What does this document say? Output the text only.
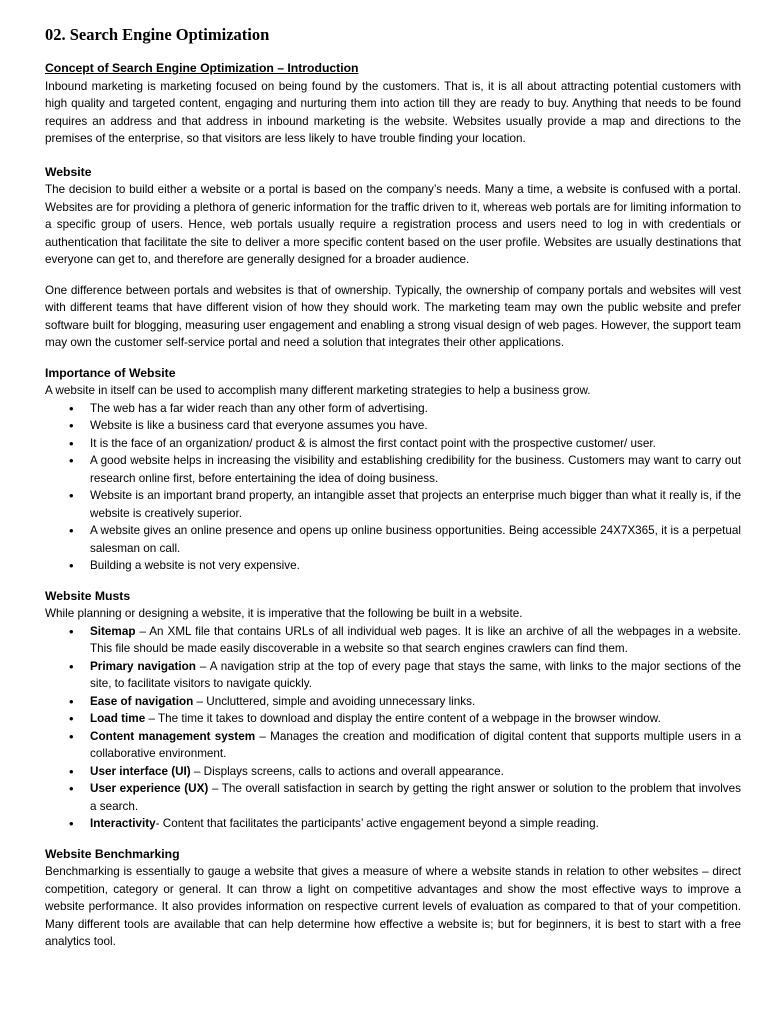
02. Search Engine Optimization
Concept of Search Engine Optimization – Introduction

Inbound marketing is marketing focused on being found by the customers. That is, it is all about attracting potential customers with high quality and targeted content, engaging and nurturing them into action till they are ready to buy. Anything that needs to be found requires an address and that address in inbound marketing is the website. Websites usually provide a map and directions to the premises of the enterprise, so that visitors are less likely to have trouble finding your location.

Website

The decision to build either a website or a portal is based on the company’s needs. Many a time, a website is confused with a portal. Websites are for providing a plethora of generic information for the traffic driven to it, whereas web portals are for limiting information to a specific group of users. Hence, web portals usually require a registration process and users need to log in with credentials or authentication that facilitate the site to deliver a more specific content based on the user profile. Websites are usually destinations that everyone can get to, and therefore are generally designed for a broader audience.

One difference between portals and websites is that of ownership. Typically, the ownership of company portals and websites will vest with different teams that have different vision of how they should work. The marketing team may own the public website and prefer software built for blogging, measuring user engagement and enabling a strong visual design of web pages. However, the support team may own the customer self-service portal and need a solution that integrates their other applications.

Importance of Website

A website in itself can be used to accomplish many different marketing strategies to help a business grow.

• The web has a far wider reach than any other form of advertising.
• Website is like a business card that everyone assumes you have.
• It is the face of an organization/ product & is almost the first contact point with the prospective customer/ user.
• A good website helps in increasing the visibility and establishing credibility for the business. Customers may want to carry out research online first, before entertaining the idea of doing business.
• Website is an important brand property, an intangible asset that projects an enterprise much bigger than what it really is, if the website is creatively superior.
• A website gives an online presence and opens up online business opportunities. Being accessible 24X7X365, it is a perpetual salesman on call.
• Building a website is not very expensive.
Website Musts

While planning or designing a website, it is imperative that the following be built in a website.

• Sitemap – An XML file that contains URLs of all individual web pages. It is like an archive of all the webpages in a website. This file should be made easily discoverable in a website so that search engines crawlers can find them.
• Primary navigation – A navigation strip at the top of every page that stays the same, with links to the major sections of the site, to facilitate visitors to navigate quickly.
• Ease of navigation – Uncluttered, simple and avoiding unnecessary links.
• Load time – The time it takes to download and display the entire content of a webpage in the browser window.
• Content management system – Manages the creation and modification of digital content that supports multiple users in a collaborative environment.
• User interface (UI) – Displays screens, calls to actions and overall appearance.
• User experience (UX) – The overall satisfaction in search by getting the right answer or solution to the problem that involves a search.
• Interactivity- Content that facilitates the participants’ active engagement beyond a simple reading.
Website Benchmarking

Benchmarking is essentially to gauge a website that gives a measure of where a website stands in relation to other websites – direct competition, category or general. It can throw a light on competitive advantages and show the most effective ways to improve a website performance. It also provides information on respective current levels of evaluation as compared to that of your competition. Many different tools are available that can help determine how effective a website is; but for beginners, it is best to start with a free analytics tool.
